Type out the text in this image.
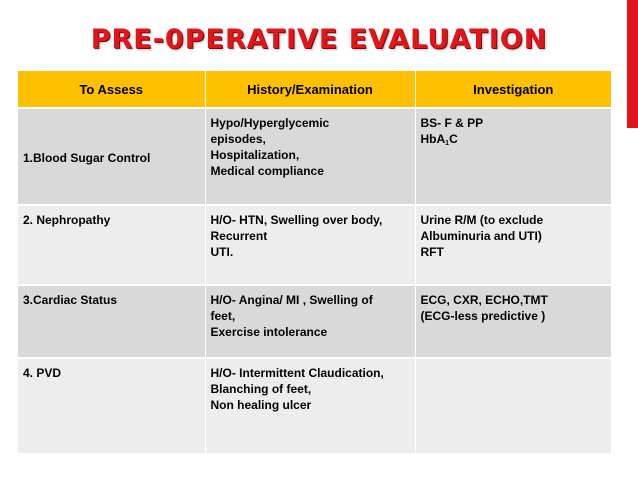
PRE-0PERATIVE EVALUATION
To Assess	History/Examination	Investigation
1.Blood Sugar Control	Hypo/Hyperglycemic
episodes,
Hospitalization,
Medical compliance	BS- F & PP
HbA$_1$C

2. Nephropathy	H/O- HTN, Swelling over body,
Recurrent
UTI.	Urine R/M (to exclude
Albuminuria and UTI)
RFT

3.Cardiac Status	H/O- Angina/ MI , Swelling of
feet,
Exercise intolerance	ECG, CXR, ECHO,TMT
(ECG-less predictive )

4. PVD	H/O- Intermittent Claudication,
Blanching of feet,
Non healing ulcer	
